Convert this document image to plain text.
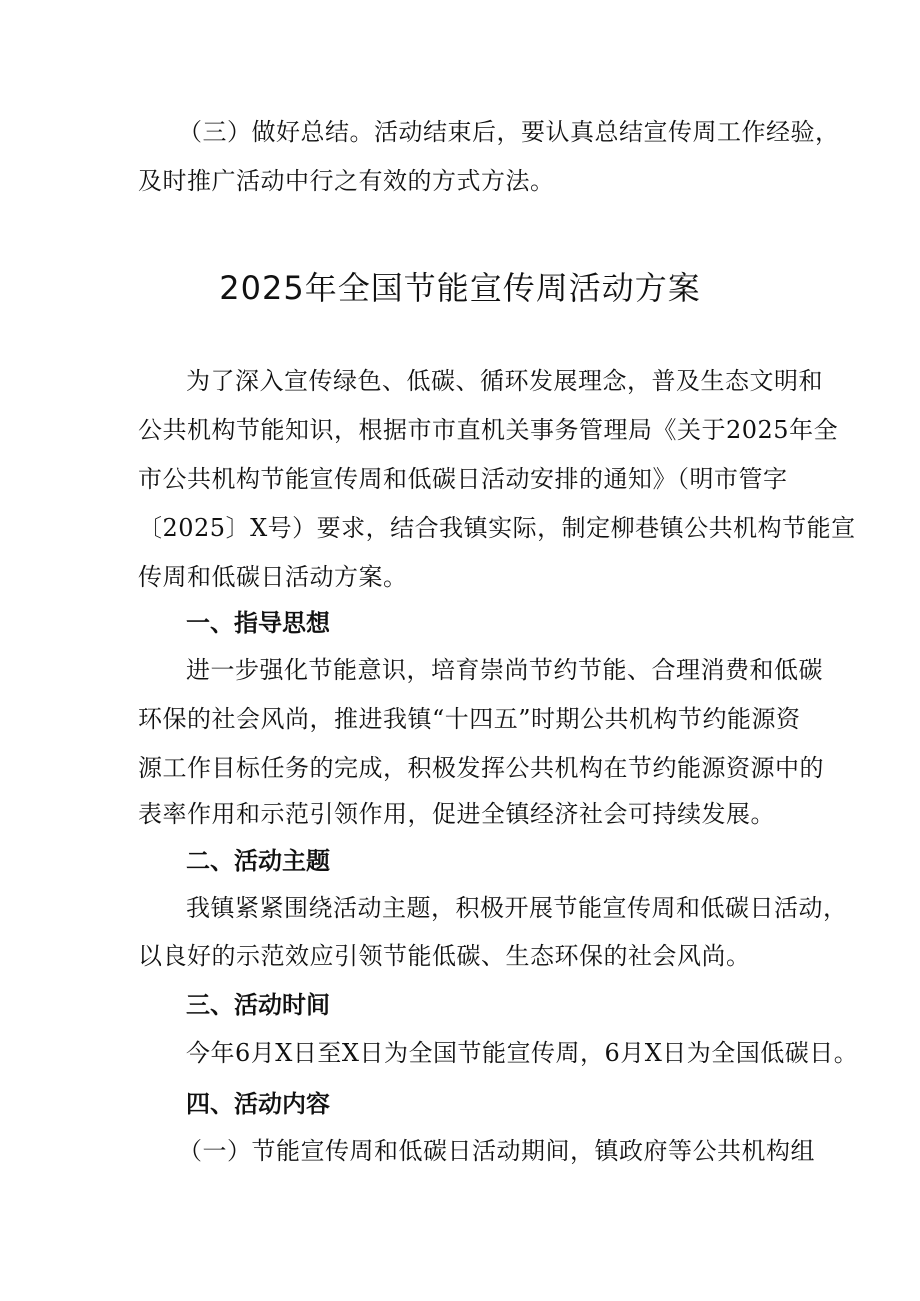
（三）做好总结。活动结束后，要认真总结宣传周工作经验，
及时推广活动中行之有效的方式方法。
2025年全国节能宣传周活动方案
为了深入宣传绿色、低碳、循环发展理念，普及生态文明和
公共机构节能知识，根据市市直机关事务管理局《关于2025年全
市公共机构节能宣传周和低碳日活动安排的通知》（明市管字
〔2025〕X号）要求，结合我镇实际，制定柳巷镇公共机构节能宣
传周和低碳日活动方案。
一、指导思想
进一步强化节能意识，培育崇尚节约节能、合理消费和低碳
环保的社会风尚，推进我镇“十四五”时期公共机构节约能源资
源工作目标任务的完成，积极发挥公共机构在节约能源资源中的
表率作用和示范引领作用，促进全镇经济社会可持续发展。
二、活动主题
我镇紧紧围绕活动主题，积极开展节能宣传周和低碳日活动，
以良好的示范效应引领节能低碳、生态环保的社会风尚。
三、活动时间
今年6月X日至X日为全国节能宣传周，6月X日为全国低碳日。
四、活动内容
（一）节能宣传周和低碳日活动期间，镇政府等公共机构组
